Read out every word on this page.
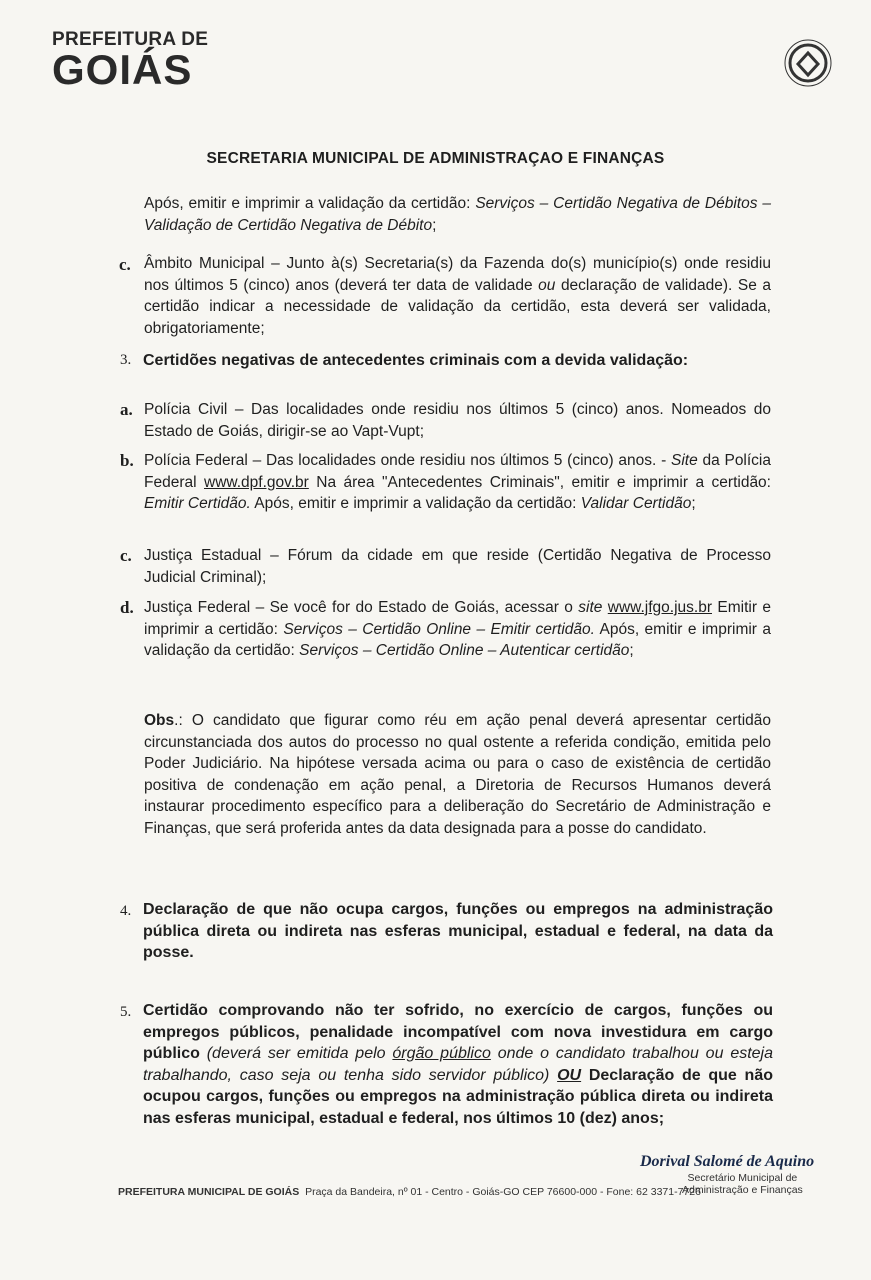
PREFEITURA DE
GOIÁS
SECRETARIA MUNICIPAL DE ADMINISTRAÇAO E FINANÇAS
Após, emitir e imprimir a validação da certidão: Serviços – Certidão Negativa de Débitos – Validação de Certidão Negativa de Débito;
c. Âmbito Municipal – Junto à(s) Secretaria(s) da Fazenda do(s) município(s) onde residiu nos últimos 5 (cinco) anos (deverá ter data de validade ou declaração de validade). Se a certidão indicar a necessidade de validação da certidão, esta deverá ser validada, obrigatoriamente;
3. Certidões negativas de antecedentes criminais com a devida validação:
a. Polícia Civil – Das localidades onde residiu nos últimos 5 (cinco) anos. Nomeados do Estado de Goiás, dirigir-se ao Vapt-Vupt;
b. Polícia Federal – Das localidades onde residiu nos últimos 5 (cinco) anos. - Site da Polícia Federal www.dpf.gov.br Na área "Antecedentes Criminais", emitir e imprimir a certidão: Emitir Certidão. Após, emitir e imprimir a validação da certidão: Validar Certidão;
c. Justiça Estadual – Fórum da cidade em que reside (Certidão Negativa de Processo Judicial Criminal);
d. Justiça Federal – Se você for do Estado de Goiás, acessar o site www.jfgo.jus.br Emitir e imprimir a certidão: Serviços – Certidão Online – Emitir certidão. Após, emitir e imprimir a validação da certidão: Serviços – Certidão Online – Autenticar certidão;
Obs.: O candidato que figurar como réu em ação penal deverá apresentar certidão circunstanciada dos autos do processo no qual ostente a referida condição, emitida pelo Poder Judiciário. Na hipótese versada acima ou para o caso de existência de certidão positiva de condenação em ação penal, a Diretoria de Recursos Humanos deverá instaurar procedimento específico para a deliberação do Secretário de Administração e Finanças, que será proferida antes da data designada para a posse do candidato.
4. Declaração de que não ocupa cargos, funções ou empregos na administração pública direta ou indireta nas esferas municipal, estadual e federal, na data da posse.
5. Certidão comprovando não ter sofrido, no exercício de cargos, funções ou empregos públicos, penalidade incompatível com nova investidura em cargo público (deverá ser emitida pelo órgão público onde o candidato trabalhou ou esteja trabalhando, caso seja ou tenha sido servidor público) OU Declaração de que não ocupou cargos, funções ou empregos na administração pública direta ou indireta nas esferas municipal, estadual e federal, nos últimos 10 (dez) anos;
Dorival Salomé de Aquino
Secretário Municipal de
Administração e Finanças
PREFEITURA MUNICIPAL DE GOIÁS Praça da Bandeira, nº 01 - Centro - Goiás-GO CEP 76600-000 - Fone: 62 3371-7726
